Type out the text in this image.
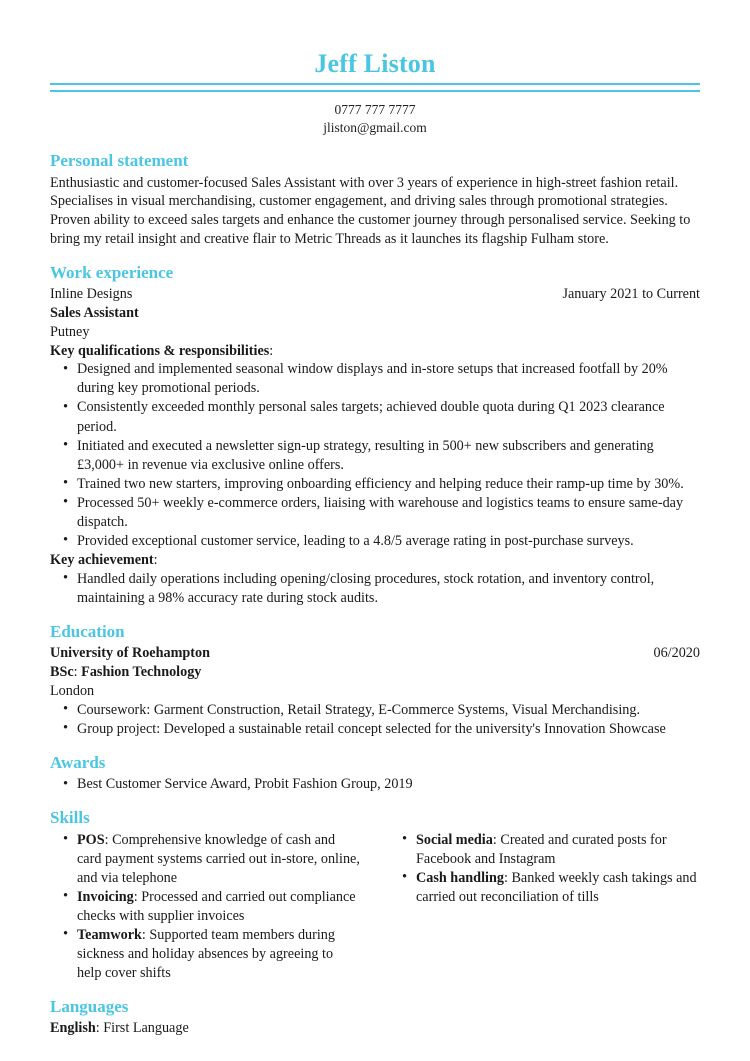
Jeff Liston
0777 777 7777
jliston@gmail.com
Personal statement
Enthusiastic and customer-focused Sales Assistant with over 3 years of experience in high-street fashion retail. Specialises in visual merchandising, customer engagement, and driving sales through promotional strategies. Proven ability to exceed sales targets and enhance the customer journey through personalised service. Seeking to bring my retail insight and creative flair to Metric Threads as it launches its flagship Fulham store.
Work experience
Inline Designs	January 2021 to Current
Sales Assistant
Putney
Key qualifications & responsibilities:
• Designed and implemented seasonal window displays and in-store setups that increased footfall by 20% during key promotional periods.
• Consistently exceeded monthly personal sales targets; achieved double quota during Q1 2023 clearance period.
• Initiated and executed a newsletter sign-up strategy, resulting in 500+ new subscribers and generating £3,000+ in revenue via exclusive online offers.
• Trained two new starters, improving onboarding efficiency and helping reduce their ramp-up time by 30%.
• Processed 50+ weekly e-commerce orders, liaising with warehouse and logistics teams to ensure same-day dispatch.
• Provided exceptional customer service, leading to a 4.8/5 average rating in post-purchase surveys.
Key achievement:
• Handled daily operations including opening/closing procedures, stock rotation, and inventory control, maintaining a 98% accuracy rate during stock audits.
Education
University of Roehampton	06/2020
BSc: Fashion Technology
London
• Coursework: Garment Construction, Retail Strategy, E-Commerce Systems, Visual Merchandising.
• Group project: Developed a sustainable retail concept selected for the university's Innovation Showcase
Awards
• Best Customer Service Award, Probit Fashion Group, 2019
Skills
• POS: Comprehensive knowledge of cash and card payment systems carried out in-store, online, and via telephone
• Invoicing: Processed and carried out compliance checks with supplier invoices
• Teamwork: Supported team members during sickness and holiday absences by agreeing to help cover shifts
• Social media: Created and curated posts for Facebook and Instagram
• Cash handling: Banked weekly cash takings and carried out reconciliation of tills
Languages
English: First Language
